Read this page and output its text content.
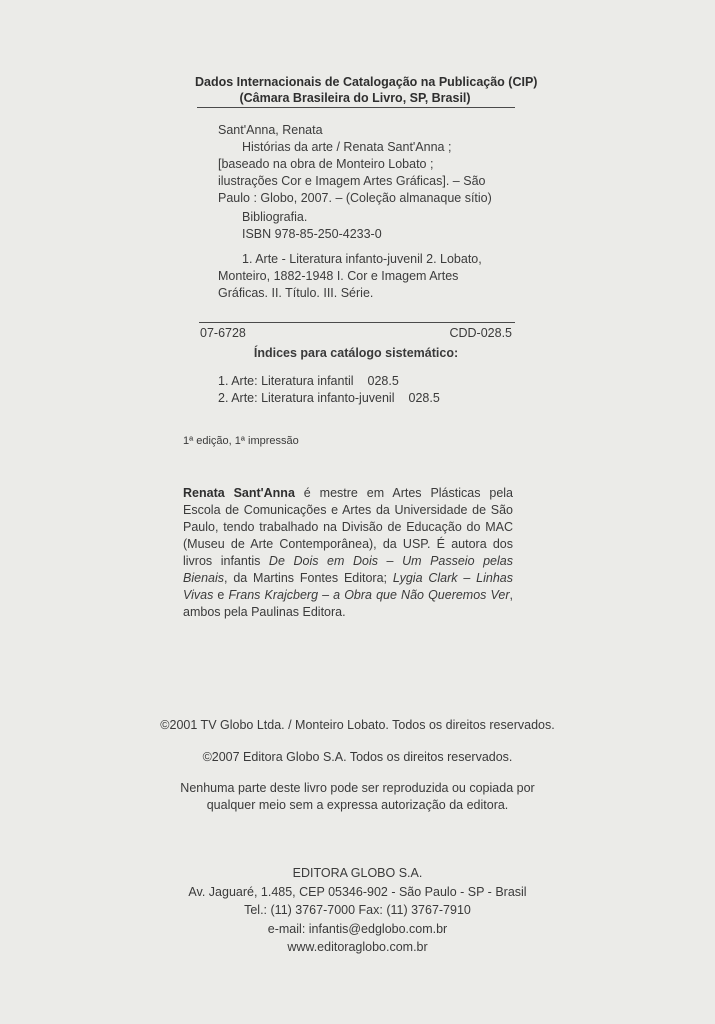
Dados Internacionais de Catalogação na Publicação (CIP)
(Câmara Brasileira do Livro, SP, Brasil)
Sant'Anna, Renata
Histórias da arte / Renata Sant'Anna ;
[baseado na obra de Monteiro Lobato ;
ilustrações Cor e Imagem Artes Gráficas]. – São
Paulo : Globo, 2007. – (Coleção almanaque sítio)
Bibliografia.
ISBN 978-85-250-4233-0
1. Arte - Literatura infanto-juvenil 2. Lobato,
Monteiro, 1882-1948 I. Cor e Imagem Artes
Gráficas. II. Título. III. Série.
07-6728	CDD-028.5
Índices para catálogo sistemático:
1. Arte: Literatura infantil 028.5
2. Arte: Literatura infanto-juvenil 028.5
1ª edição, 1ª impressão
Renata Sant'Anna é mestre em Artes Plásticas pela Escola de Comunicações e Artes da Universidade de São Paulo, tendo trabalhado na Divisão de Educação do MAC (Museu de Arte Contemporânea), da USP. É autora dos livros infantis De Dois em Dois – Um Passeio pelas Bienais, da Martins Fontes Editora; Lygia Clark – Linhas Vivas e Frans Krajcberg – a Obra que Não Queremos Ver, ambos pela Paulinas Editora.
©2001 TV Globo Ltda. / Monteiro Lobato. Todos os direitos reservados.
©2007 Editora Globo S.A. Todos os direitos reservados.
Nenhuma parte deste livro pode ser reproduzida ou copiada por
qualquer meio sem a expressa autorização da editora.
EDITORA GLOBO S.A.
Av. Jaguaré, 1.485, CEP 05346-902 - São Paulo - SP - Brasil
Tel.: (11) 3767-7000 Fax: (11) 3767-7910
e-mail: infantis@edglobo.com.br
www.editoraglobo.com.br
